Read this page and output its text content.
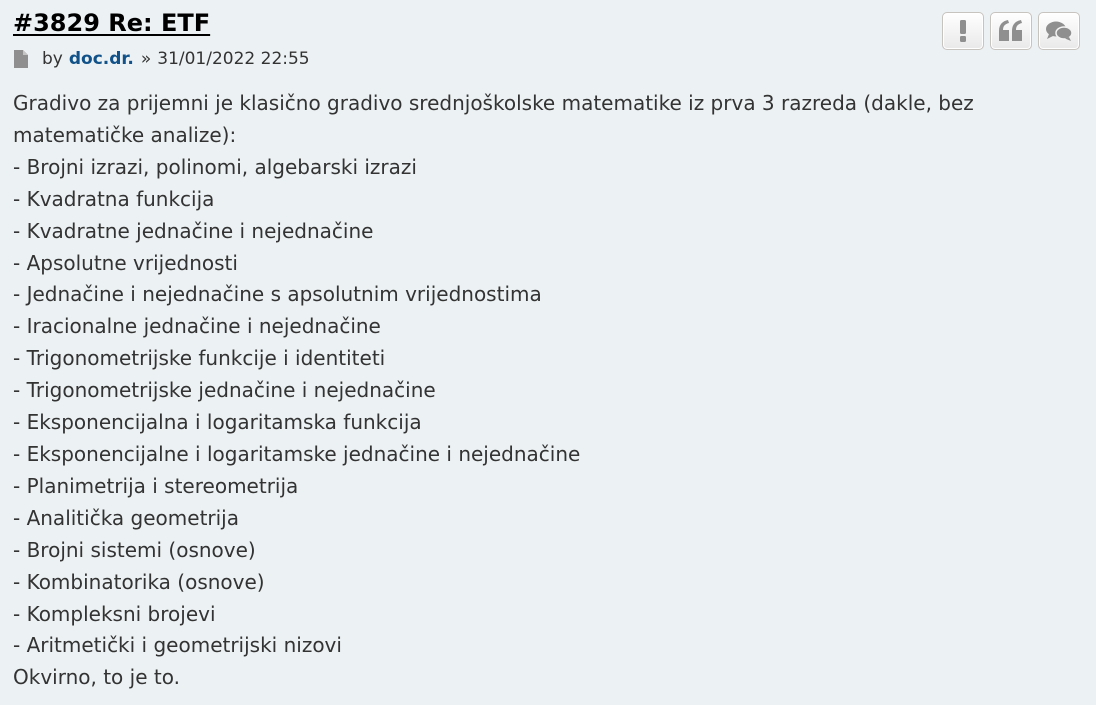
#3829 Re: ETF
by doc.dr. » 31/01/2022 22:55
Gradivo za prijemni je klasično gradivo srednjoškolske matematike iz prva 3 razreda (dakle, bez
matematičke analize):
- Brojni izrazi, polinomi, algebarski izrazi
- Kvadratna funkcija
- Kvadratne jednačine i nejednačine
- Apsolutne vrijednosti
- Jednačine i nejednačine s apsolutnim vrijednostima
- Iracionalne jednačine i nejednačine
- Trigonometrijske funkcije i identiteti
- Trigonometrijske jednačine i nejednačine
- Eksponencijalna i logaritamska funkcija
- Eksponencijalne i logaritamske jednačine i nejednačine
- Planimetrija i stereometrija
- Analitička geometrija
- Brojni sistemi (osnove)
- Kombinatorika (osnove)
- Kompleksni brojevi
- Aritmetički i geometrijski nizovi
Okvirno, to je to.
